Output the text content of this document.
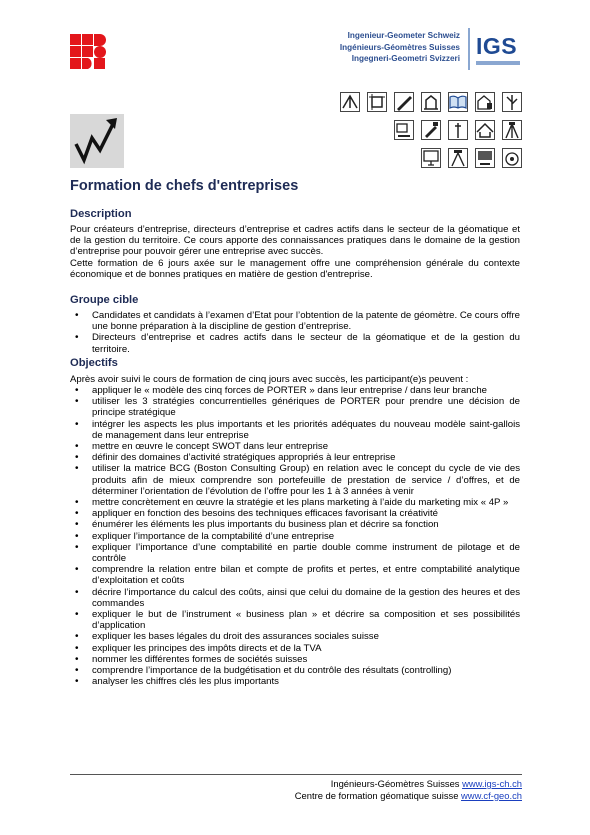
Ingenieur-Geometer Schweiz
Ingénieurs-Géomètres Suisses
Ingegneri-Geometri Svizzeri IGS
Formation de chefs d'entreprises
Description

Pour créateurs d’entreprise, directeurs d’entreprise et cadres actifs dans le secteur de la géomatique et de la gestion du territoire. Ce cours apporte des connaissances pratiques dans le domaine de la gestion d’entreprise pour pouvoir gérer une entreprise avec succès.

Cette formation de 6 jours axée sur le management offre une compréhension générale du contexte économique et de bonnes pratiques en matière de gestion d'entreprise.

Groupe cible
• Candidates et candidats à l’examen d’Etat pour l’obtention de la patente de géomètre. Ce cours offre une bonne préparation à la discipline de gestion d’entreprise.
• Directeurs d’entreprise et cadres actifs dans le secteur de la géomatique et de la gestion du territoire.
Objectifs
Après avoir suivi le cours de formation de cinq jours avec succès, les participant(e)s peuvent :
• appliquer le « modèle des cinq forces de PORTER » dans leur entreprise / dans leur branche
• utiliser les 3 stratégies concurrentielles génériques de PORTER pour prendre une décision de principe stratégique
• intégrer les aspects les plus importants et les priorités adéquates du nouveau modèle saint-gallois de management dans leur entreprise
• mettre en œuvre le concept SWOT dans leur entreprise
• définir des domaines d’activité stratégiques appropriés à leur entreprise
• utiliser la matrice BCG (Boston Consulting Group) en relation avec le concept du cycle de vie des produits afin de mieux comprendre son portefeuille de prestation de service / d’offres, et de déterminer l’orientation de l’évolution de l’offre pour les 1 à 3 années à venir
• mettre concrètement en œuvre la stratégie et les plans marketing à l’aide du marketing mix « 4P »
• appliquer en fonction des besoins des techniques efficaces favorisant la créativité
• énumérer les éléments les plus importants du business plan et décrire sa fonction
• expliquer l’importance de la comptabilité d’une entreprise
• expliquer l’importance d’une comptabilité en partie double comme instrument de pilotage et de contrôle
• comprendre la relation entre bilan et compte de profits et pertes, et entre comptabilité analytique d’exploitation et coûts
• décrire l’importance du calcul des coûts, ainsi que celui du domaine de la gestion des heures et des commandes
• expliquer le but de l’instrument « business plan » et décrire sa composition et ses possibilités d’application
• expliquer les bases légales du droit des assurances sociales suisse
• expliquer les principes des impôts directs et de la TVA
• nommer les différentes formes de sociétés suisses
• comprendre l’importance de la budgétisation et du contrôle des résultats (controlling)
• analyser les chiffres clés les plus importants
Ingénieurs-Géomètres Suisses www.igs-ch.ch
Centre de formation géomatique suisse www.cf-geo.ch
